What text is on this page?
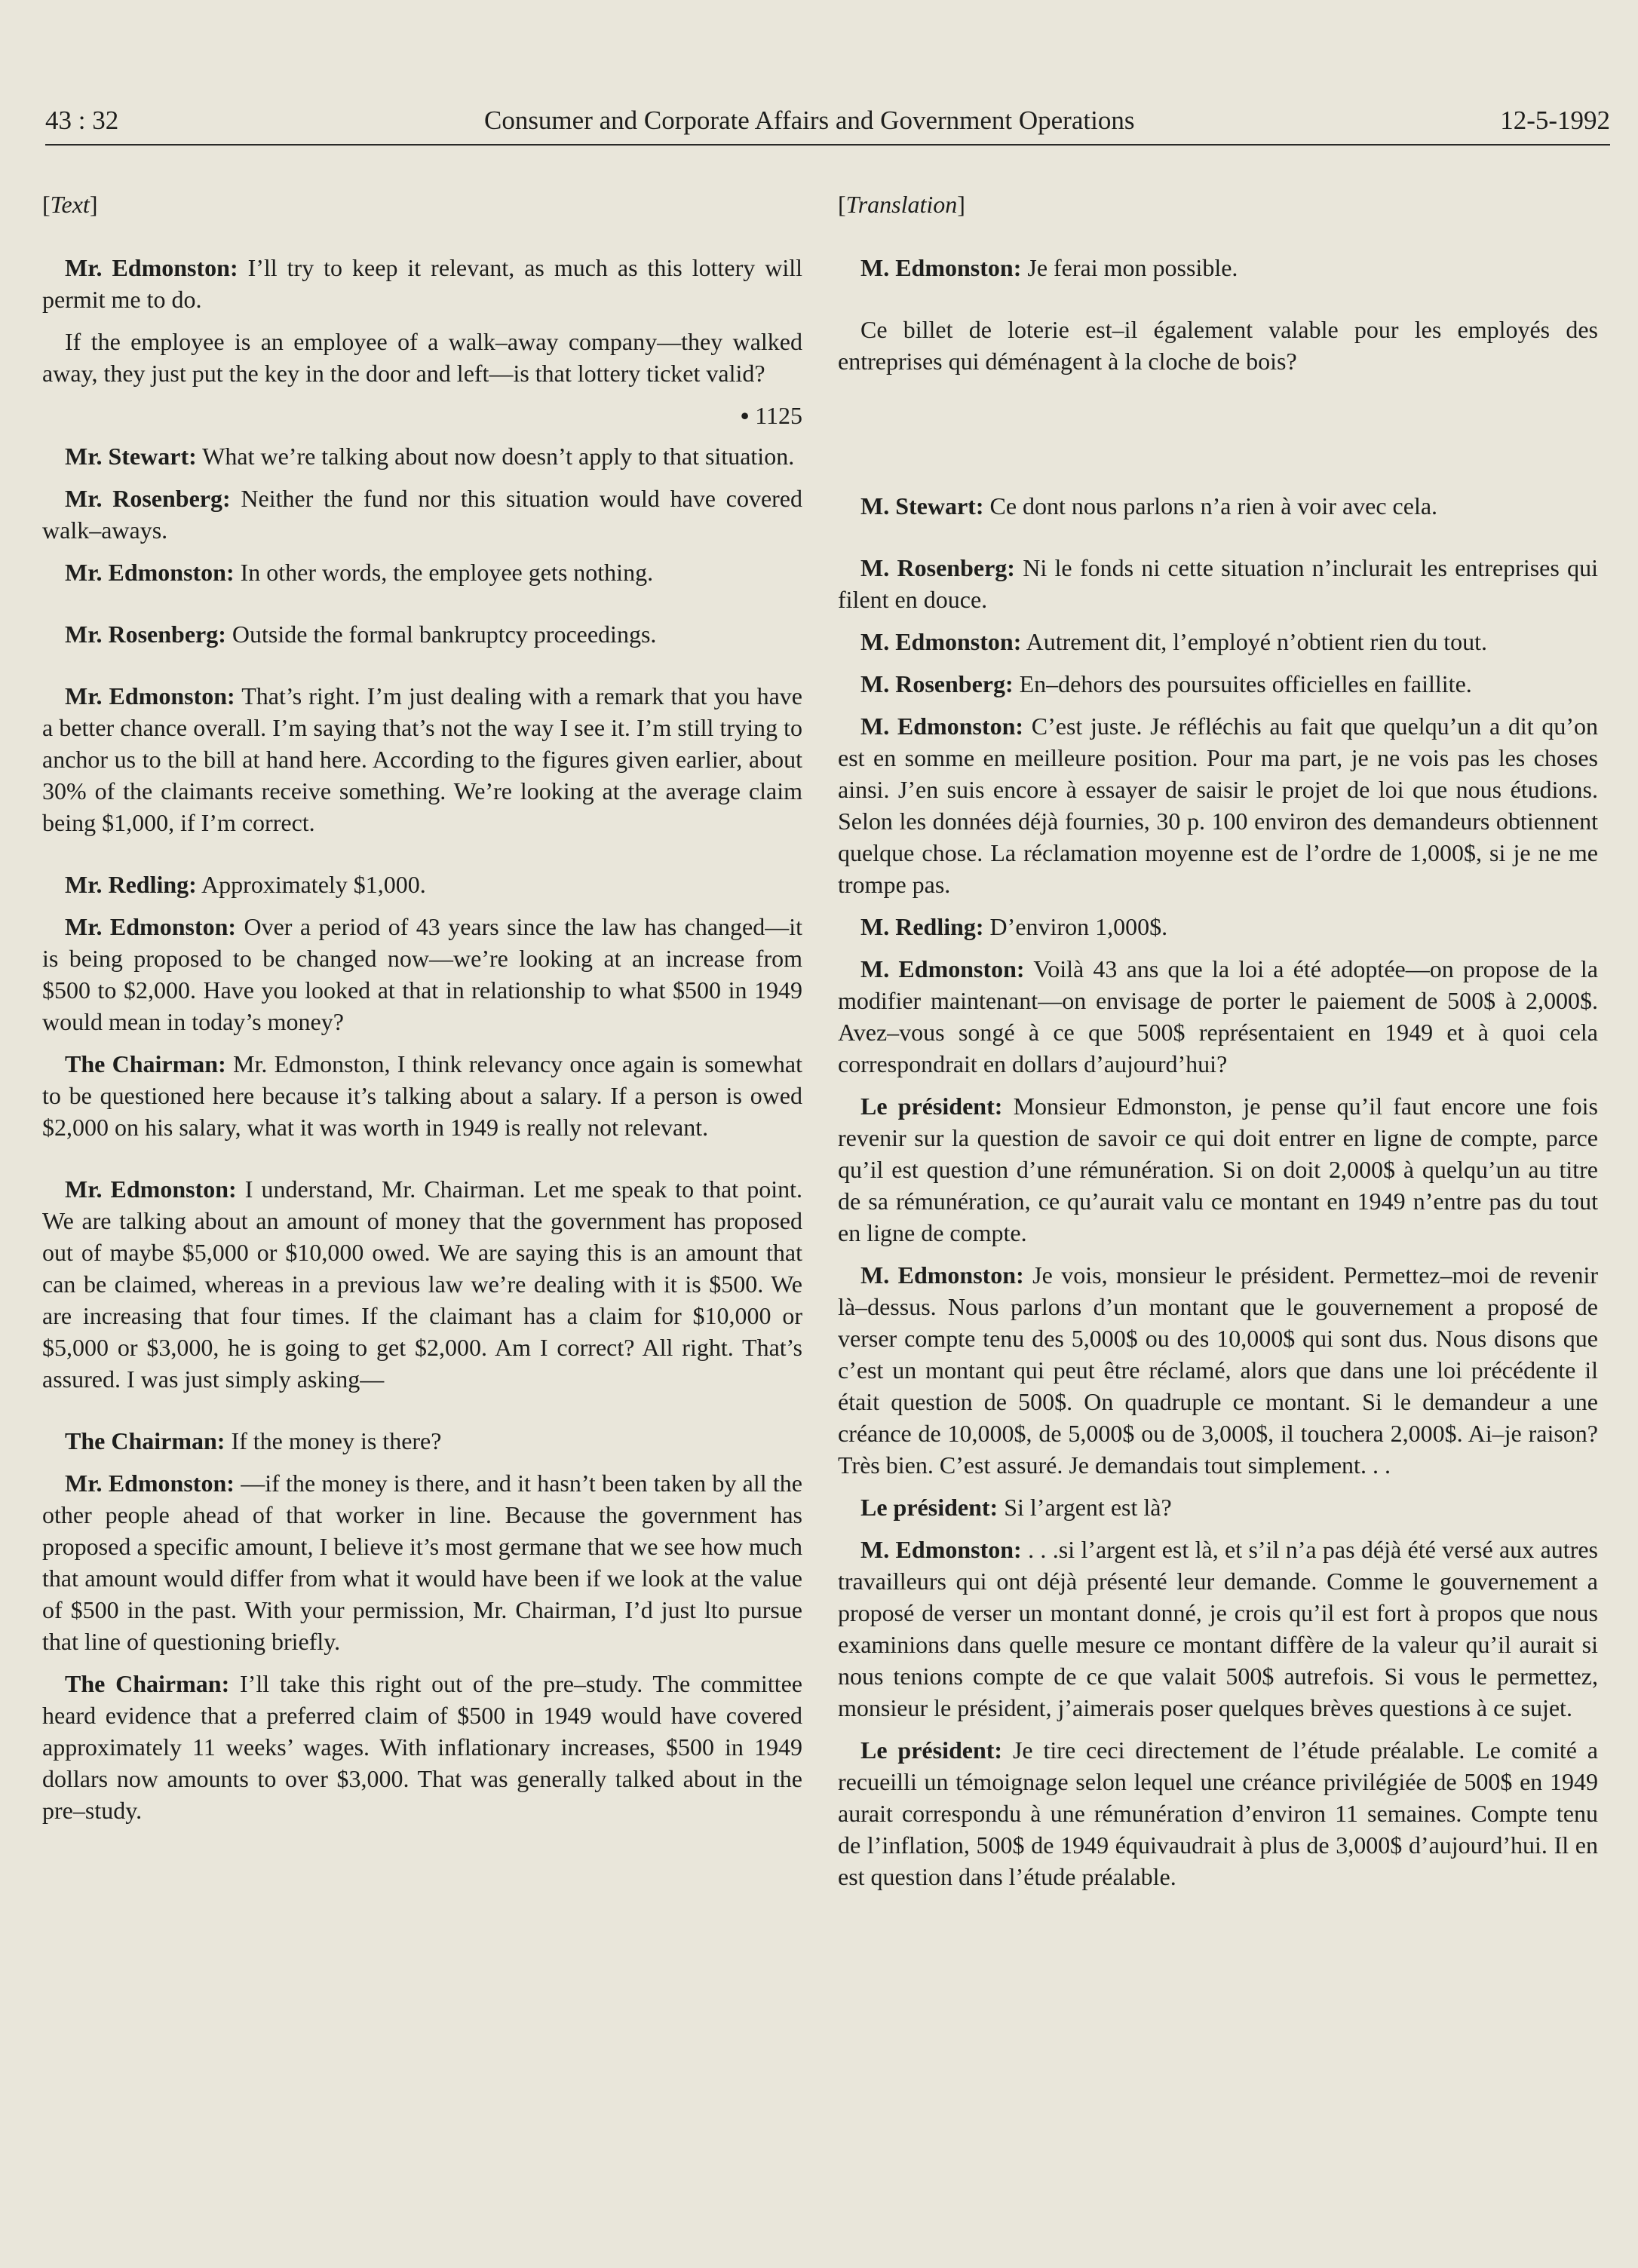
43 : 32	Consumer and Corporate Affairs and Government Operations	12-5-1992
[Text]
Mr. Edmonston: I’ll try to keep it relevant, as much as this lottery will permit me to do.
If the employee is an employee of a walk–away company—they walked away, they just put the key in the door and left—is that lottery ticket valid?
• 1125
Mr. Stewart: What we’re talking about now doesn’t apply to that situation.
Mr. Rosenberg: Neither the fund nor this situation would have covered walk–aways.
Mr. Edmonston: In other words, the employee gets nothing.
Mr. Rosenberg: Outside the formal bankruptcy proceedings.
Mr. Edmonston: That’s right. I’m just dealing with a remark that you have a better chance overall. I’m saying that’s not the way I see it. I’m still trying to anchor us to the bill at hand here. According to the figures given earlier, about 30% of the claimants receive something. We’re looking at the average claim being $1,000, if I’m correct.
Mr. Redling: Approximately $1,000.
Mr. Edmonston: Over a period of 43 years since the law has changed—it is being proposed to be changed now—we’re looking at an increase from $500 to $2,000. Have you looked at that in relationship to what $500 in 1949 would mean in today’s money?
The Chairman: Mr. Edmonston, I think relevancy once again is somewhat to be questioned here because it’s talking about a salary. If a person is owed $2,000 on his salary, what it was worth in 1949 is really not relevant.
Mr. Edmonston: I understand, Mr. Chairman. Let me speak to that point. We are talking about an amount of money that the government has proposed out of maybe $5,000 or $10,000 owed. We are saying this is an amount that can be claimed, whereas in a previous law we’re dealing with it is $500. We are increasing that four times. If the claimant has a claim for $10,000 or $5,000 or $3,000, he is going to get $2,000. Am I correct? All right. That’s assured. I was just simply asking—
The Chairman: If the money is there?
Mr. Edmonston: —if the money is there, and it hasn’t been taken by all the other people ahead of that worker in line. Because the government has proposed a specific amount, I believe it’s most germane that we see how much that amount would differ from what it would have been if we look at the value of $500 in the past. With your permission, Mr. Chairman, I’d just lto pursue that line of questioning briefly.
The Chairman: I’ll take this right out of the pre–study. The committee heard evidence that a preferred claim of $500 in 1949 would have covered approximately 11 weeks’ wages. With inflationary increases, $500 in 1949 dollars now amounts to over $3,000. That was generally talked about in the pre–study.
[Translation]
M. Edmonston: Je ferai mon possible.
Ce billet de loterie est–il également valable pour les employés des entreprises qui déménagent à la cloche de bois?
M. Stewart: Ce dont nous parlons n’a rien à voir avec cela.
M. Rosenberg: Ni le fonds ni cette situation n’inclurait les entreprises qui filent en douce.
M. Edmonston: Autrement dit, l’employé n’obtient rien du tout.
M. Rosenberg: En–dehors des poursuites officielles en faillite.
M. Edmonston: C’est juste. Je réfléchis au fait que quelqu’un a dit qu’on est en somme en meilleure position. Pour ma part, je ne vois pas les choses ainsi. J’en suis encore à essayer de saisir le projet de loi que nous étudions. Selon les données déjà fournies, 30 p. 100 environ des demandeurs obtiennent quelque chose. La réclamation moyenne est de l’ordre de 1,000$, si je ne me trompe pas.
M. Redling: D’environ 1,000$.
M. Edmonston: Voilà 43 ans que la loi a été adoptée—on propose de la modifier maintenant—on envisage de porter le paiement de 500$ à 2,000$. Avez–vous songé à ce que 500$ représentaient en 1949 et à quoi cela correspondrait en dollars d’aujourd’hui?
Le président: Monsieur Edmonston, je pense qu’il faut encore une fois revenir sur la question de savoir ce qui doit entrer en ligne de compte, parce qu’il est question d’une rémunération. Si on doit 2,000$ à quelqu’un au titre de sa rémunération, ce qu’aurait valu ce montant en 1949 n’entre pas du tout en ligne de compte.
M. Edmonston: Je vois, monsieur le président. Permettez–moi de revenir là–dessus. Nous parlons d’un montant que le gouvernement a proposé de verser compte tenu des 5,000$ ou des 10,000$ qui sont dus. Nous disons que c’est un montant qui peut être réclamé, alors que dans une loi précédente il était question de 500$. On quadruple ce montant. Si le demandeur a une créance de 10,000$, de 5,000$ ou de 3,000$, il touchera 2,000$. Ai–je raison? Très bien. C’est assuré. Je demandais tout simplement. . .
Le président: Si l’argent est là?
M. Edmonston: . . .si l’argent est là, et s’il n’a pas déjà été versé aux autres travailleurs qui ont déjà présenté leur demande. Comme le gouvernement a proposé de verser un montant donné, je crois qu’il est fort à propos que nous examinions dans quelle mesure ce montant diffère de la valeur qu’il aurait si nous tenions compte de ce que valait 500$ autrefois. Si vous le permettez, monsieur le président, j’aimerais poser quelques brèves questions à ce sujet.
Le président: Je tire ceci directement de l’étude préalable. Le comité a recueilli un témoignage selon lequel une créance privilégiée de 500$ en 1949 aurait correspondu à une rémunération d’environ 11 semaines. Compte tenu de l’inflation, 500$ de 1949 équivaudrait à plus de 3,000$ d’aujourd’hui. Il en est question dans l’étude préalable.
